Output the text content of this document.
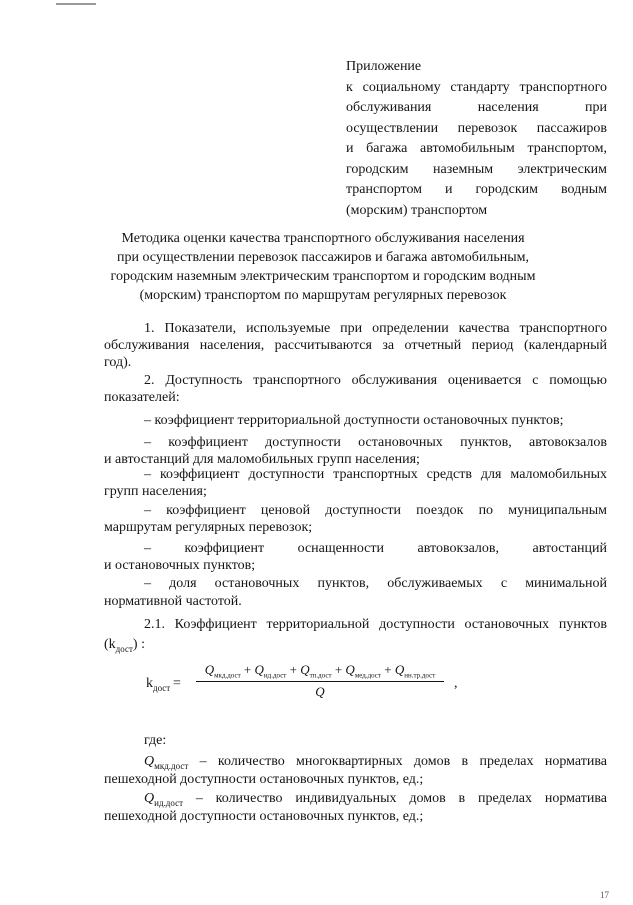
Приложение
к социальному стандарту транспортного
обслуживания населения при
осуществлении перевозок пассажиров
и багажа автомобильным транспортом,
городским наземным электрическим
транспортом и городским водным
(морским) транспортом
Методика оценки качества транспортного обслуживания населения
при осуществлении перевозок пассажиров и багажа автомобильным,
городским наземным электрическим транспортом и городским водным
(морским) транспортом по маршрутам регулярных перевозок
1. Показатели, используемые при определении качества транспортного
обслуживания населения, рассчитываются за отчетный период (календарный
год).
2. Доступность транспортного обслуживания оценивается с помощью
показателей:
– коэффициент территориальной доступности остановочных пунктов;
– коэффициент доступности остановочных пунктов, автовокзалов
и автостанций для маломобильных групп населения;
– коэффициент доступности транспортных средств для маломобильных
групп населения;
– коэффициент ценовой доступности поездок по муниципальным
маршрутам регулярных перевозок;
– коэффициент оснащенности автовокзалов, автостанций
и остановочных пунктов;
– доля остановочных пунктов, обслуживаемых с минимальной
нормативной частотой.
2.1. Коэффициент территориальной доступности остановочных пунктов
$(k_{дост})$ :
$k_{дост}$ =
$Q_{мкд.дост} + Q_{ид.дост} + Q_{тп.дост} + Q_{мед.дост} + Q_{нн.тр.дост}$
Q
,
где:
$Q_{мкд.дост}$ – количество многоквартирных домов в пределах норматива
пешеходной доступности остановочных пунктов, ед.;
$Q_{ид.дост}$ – количество индивидуальных домов в пределах норматива
пешеходной доступности остановочных пунктов, ед.;
17
